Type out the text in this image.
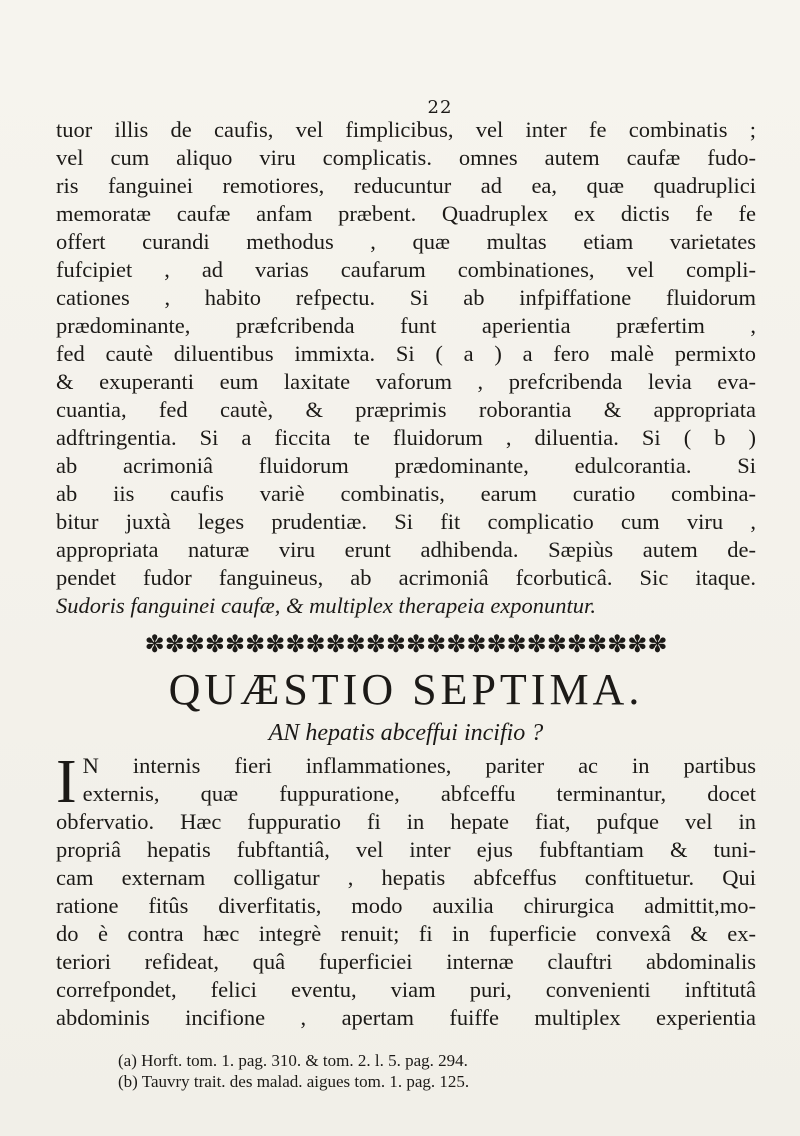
22
tuor illis de caufis, vel fimplicibus, vel inter fe combinatis ;
vel cum aliquo viru complicatis. omnes autem caufæ fudo-
ris fanguinei remotiores, reducuntur ad ea, quæ quadruplici
memoratæ caufæ anfam præbent. Quadruplex ex dictis fe fe
offert curandi methodus , quæ multas etiam varietates
fufcipiet , ad varias caufarum combinationes, vel compli-
cationes , habito refpectu. Si ab infpiffatione fluidorum
prædominante, præfcribenda funt aperientia præfertim ,
fed cautè diluentibus immixta. Si ( a ) a fero malè permixto
& exuperanti eum laxitate vaforum , prefcribenda levia eva-
cuantia, fed cautè, & præprimis roborantia & appropriata
adftringentia. Si a ficcita te fluidorum , diluentia. Si ( b )
ab acrimoniâ fluidorum prædominante, edulcorantia. Si
ab iis caufis variè combinatis, earum curatio combina-
bitur juxtà leges prudentiæ. Si fit complicatio cum viru ,
appropriata naturæ viru erunt adhibenda. Sæpiùs autem de-
pendet fudor fanguineus, ab acrimoniâ fcorbuticâ. Sic itaque.
Sudoris fanguinei caufæ, & multiplex therapeia exponuntur.
✽✽✽✽✽✽✽✽✽✽✽✽✽✽✽✽✽✽✽✽✽✽✽✽✽✽
QUÆSTIO SEPTIMA.
AN hepatis abceffui incifio ?
I N internis fieri inflammationes, pariter ac in partibus
externis, quæ fuppuratione, abfceffu terminantur, docet
obfervatio. Hæc fuppuratio fi in hepate fiat, pufque vel in
propriâ hepatis fubftantiâ, vel inter ejus fubftantiam & tuni-
cam externam colligatur , hepatis abfceffus conftituetur. Qui
ratione fitûs diverfitatis, modo auxilia chirurgica admittit,mo-
do è contra hæc integrè renuit; fi in fuperficie convexâ & ex-
teriori refideat, quâ fuperficiei internæ clauftri abdominalis
correfpondet, felici eventu, viam puri, convenienti inftitutâ
abdominis incifione , apertam fuiffe multiplex experientia
(a) Horft. tom. 1. pag. 310. & tom. 2. l. 5. pag. 294.
(b) Tauvry trait. des malad. aigues tom. 1. pag. 125.
